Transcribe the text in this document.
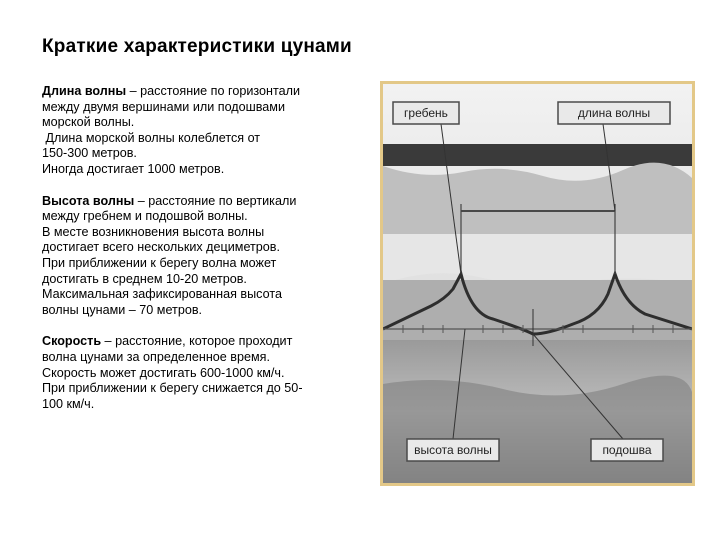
Краткие характеристики цунами
Длина волны – расстояние по горизонтали
между двумя вершинами или подошвами
морской волны.
Длина морской волны колеблется от
150-300 метров.
Иногда достигает 1000 метров.
Высота волны – расстояние по вертикали
между гребнем и подошвой волны.
В месте возникновения высота волны
достигает всего нескольких дециметров.
При приближении к берегу волна может
достигать в среднем 10-20 метров.
Максимальная зафиксированная высота
волны цунами – 70 метров.
Скорость – расстояние, которое проходит
волна цунами за определенное время.
Скорость может достигать 600-1000 км/ч.
При приближении к берегу снижается до 50-
100 км/ч.
гребень	длина волны
высота волны	подошва
